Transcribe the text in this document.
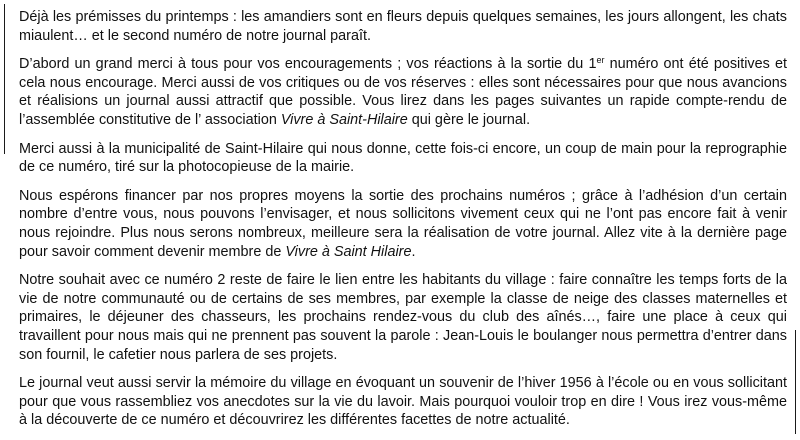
Déjà les prémisses du printemps : les amandiers sont en fleurs depuis quelques semaines, les jours allongent, les chats miaulent… et le second numéro de notre journal paraît.

D’abord un grand merci à tous pour vos encouragements ; vos réactions à la sortie du 1er numéro ont été positives et cela nous encourage. Merci aussi de vos critiques ou de vos réserves : elles sont nécessaires pour que nous avancions et réalisions un journal aussi attractif que possible. Vous lirez dans les pages suivantes un rapide compte-rendu de l’assemblée constitutive de l’ association Vivre à Saint-Hilaire qui gère le journal.

Merci aussi à la municipalité de Saint-Hilaire qui nous donne, cette fois-ci encore, un coup de main pour la reprographie de ce numéro, tiré sur la photocopieuse de la mairie.

Nous espérons financer par nos propres moyens la sortie des prochains numéros ; grâce à l’adhésion d’un certain nombre d’entre vous, nous pouvons l’envisager, et nous sollicitons vivement ceux qui ne l’ont pas encore fait à venir nous rejoindre. Plus nous serons nombreux, meilleure sera la réalisation de votre journal. Allez vite à la dernière page pour savoir comment devenir membre de Vivre à Saint Hilaire.

Notre souhait avec ce numéro 2 reste de faire le lien entre les habitants du village : faire connaître les temps forts de la vie de notre communauté ou de certains de ses membres, par exemple la classe de neige des classes maternelles et primaires, le déjeuner des chasseurs, les prochains rendez-vous du club des aînés…, faire une place à ceux qui travaillent pour nous mais qui ne prennent pas souvent la parole : Jean-Louis le boulanger nous permettra d’entrer dans son fournil, le cafetier nous parlera de ses projets.

Le journal veut aussi servir la mémoire du village en évoquant un souvenir de l’hiver 1956 à l’école ou en vous sollicitant pour que vous rassembliez vos anecdotes sur la vie du lavoir. Mais pourquoi vouloir trop en dire ! Vous irez vous-même à la découverte de ce numéro et découvrirez les différentes facettes de notre actualité.
